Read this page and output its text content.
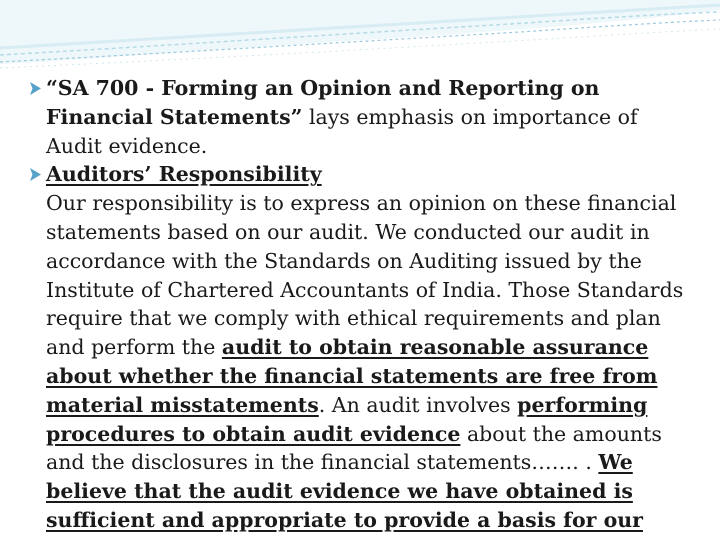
“SA 700 - Forming an Opinion and Reporting on Financial Statements” lays emphasis on importance of Audit evidence.
Auditors’ Responsibility
Our responsibility is to express an opinion on these financial statements based on our audit. We conducted our audit in accordance with the Standards on Auditing issued by the Institute of Chartered Accountants of India. Those Standards require that we comply with ethical requirements and plan and perform the audit to obtain reasonable assurance about whether the financial statements are free from material misstatements. An audit involves performing procedures to obtain audit evidence about the amounts and the disclosures in the financial statements……. . We believe that the audit evidence we have obtained is sufficient and appropriate to provide a basis for our
